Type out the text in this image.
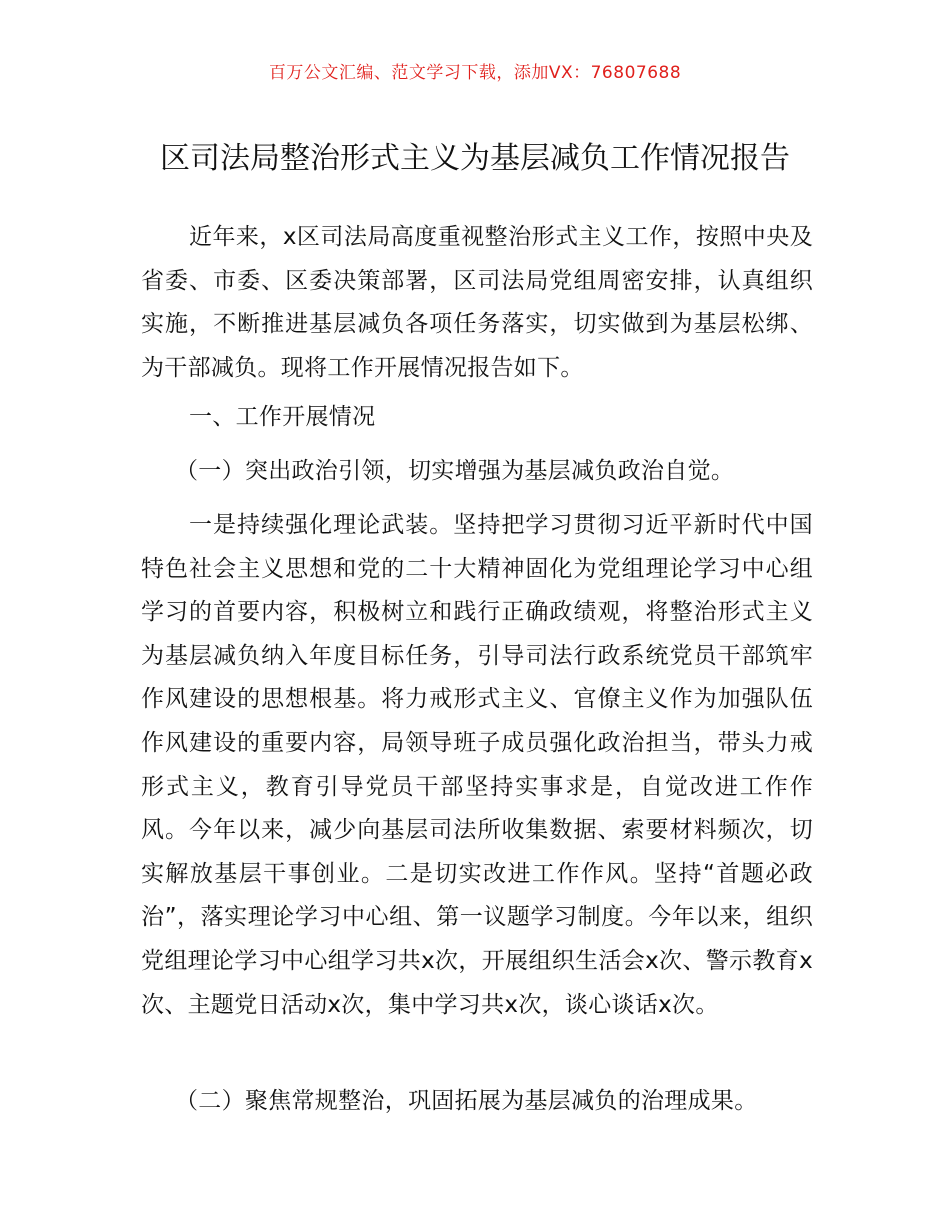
百万公文汇编、范文学习下载，添加VX：76807688
区司法局整治形式主义为基层减负工作情况报告

近年来，x区司法局高度重视整治形式主义工作，按照中央及省委、市委、区委决策部署，区司法局党组周密安排，认真组织实施，不断推进基层减负各项任务落实，切实做到为基层松绑、为干部减负。现将工作开展情况报告如下。

一、工作开展情况

（一）突出政治引领，切实增强为基层减负政治自觉。

一是持续强化理论武装。坚持把学习贯彻习近平新时代中国特色社会主义思想和党的二十大精神固化为党组理论学习中心组学习的首要内容，积极树立和践行正确政绩观，将整治形式主义为基层减负纳入年度目标任务，引导司法行政系统党员干部筑牢作风建设的思想根基。将力戒形式主义、官僚主义作为加强队伍作风建设的重要内容，局领导班子成员强化政治担当，带头力戒形式主义，教育引导党员干部坚持实事求是，自觉改进工作作风。今年以来，减少向基层司法所收集数据、索要材料频次，切实解放基层干事创业。二是切实改进工作作风。坚持“首题必政治”，落实理论学习中心组、第一议题学习制度。今年以来，组织党组理论学习中心组学习共x次，开展组织生活会x次、警示教育x次、主题党日活动x次，集中学习共x次，谈心谈话x次。

（二）聚焦常规整治，巩固拓展为基层减负的治理成果。
